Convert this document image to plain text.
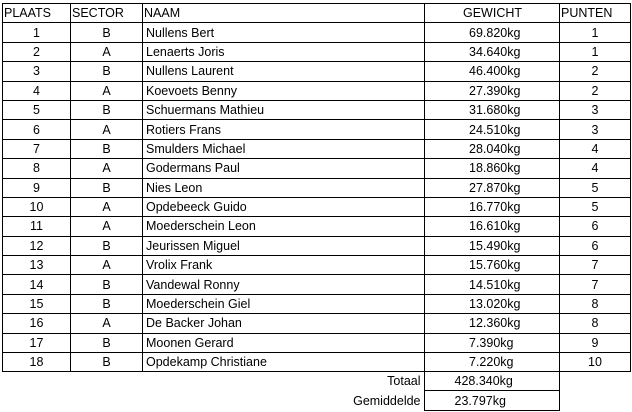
PLAATS	SECTOR	NAAM	GEWICHT	PUNTEN
1	B	Nullens Bert	69.820kg	1
2	A	Lenaerts Joris	34.640kg	1
3	B	Nullens Laurent	46.400kg	2
4	A	Koevoets Benny	27.390kg	2
5	B	Schuermans Mathieu	31.680kg	3
6	A	Rotiers Frans	24.510kg	3
7	B	Smulders Michael	28.040kg	4
8	A	Godermans Paul	18.860kg	4
9	B	Nies Leon	27.870kg	5
10	A	Opdebeeck Guido	16.770kg	5
11	A	Moederschein Leon	16.610kg	6
12	B	Jeurissen Miguel	15.490kg	6
13	A	Vrolix Frank	15.760kg	7
14	B	Vandewal Ronny	14.510kg	7
15	B	Moederschein Giel	13.020kg	8
16	A	De Backer Johan	12.360kg	8
17	B	Moonen Gerard	7.390kg	9
18	B	Opdekamp Christiane	7.220kg	10
Totaal	428.340kg
Gemiddelde	23.797kg
